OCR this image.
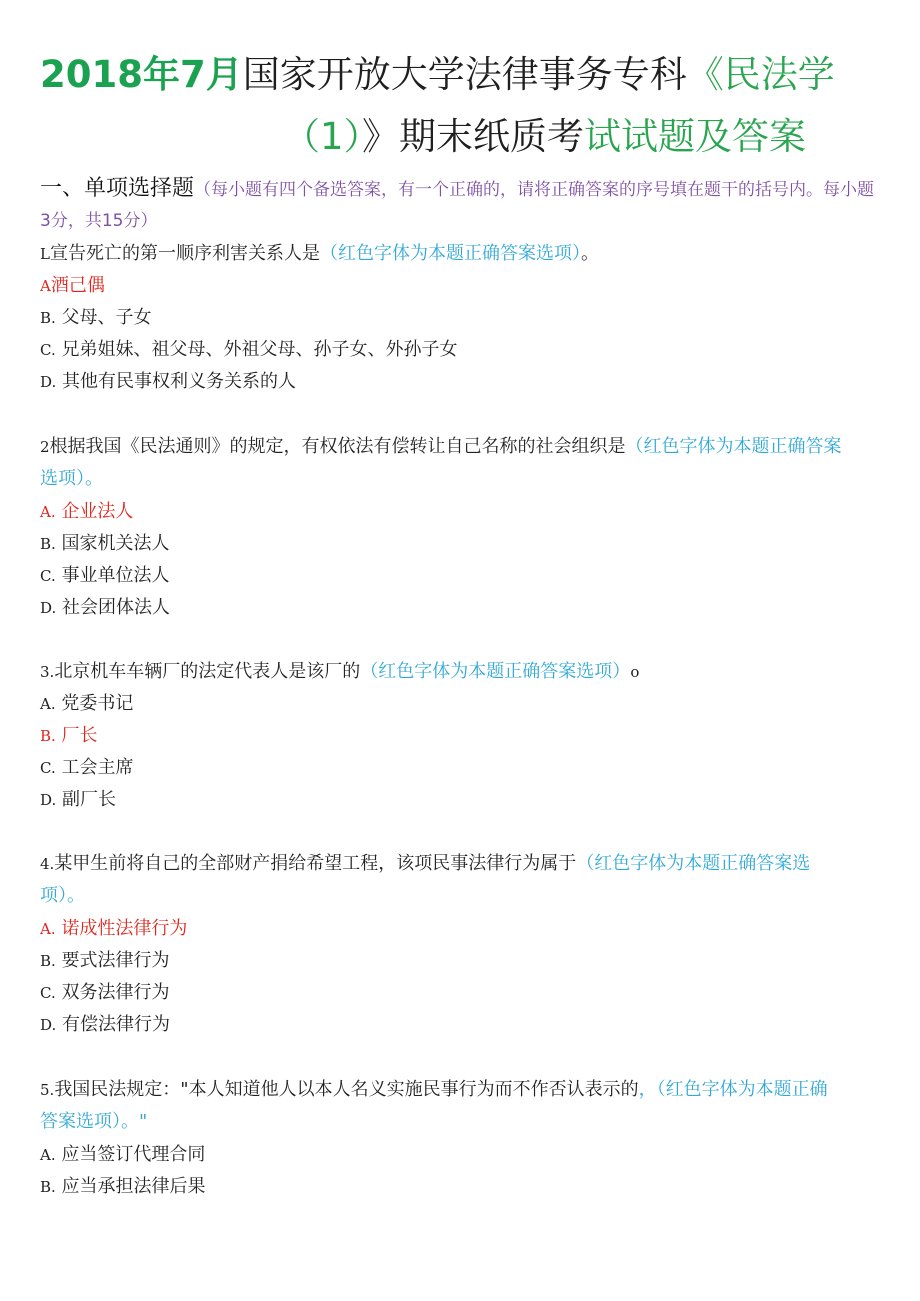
2018年7月国家开放大学法律事务专科《民法学
（1）》期末纸质考试试题及答案
一、单项选择题（每小题有四个备选答案，有一个正确的，请将正确答案的序号填在题干的括号内。每小题3分，共15分）
L宣告死亡的第一顺序利害关系人是（红色字体为本题正确答案选项）。
A酒己偶
B. 父母、子女
C. 兄弟姐妹、祖父母、外祖父母、孙子女、外孙子女
D. 其他有民事权利义务关系的人
2根据我国《民法通则》的规定，有权依法有偿转让自己名称的社会组织是（红色字体为本题正确答案
选项）。
A. 企业法人
B. 国家机关法人
C. 事业单位法人
D. 社会团体法人
3.北京机车车辆厂的法定代表人是该厂的（红色字体为本题正确答案选项）o
A. 党委书记
B. 厂长
C. 工会主席
D. 副厂长
4.某甲生前将自己的全部财产捐给希望工程，该项民事法律行为属于（红色字体为本题正确答案选
项）。
A. 诺成性法律行为
B. 要式法律行为
C. 双务法律行为
D. 有偿法律行为
5.我国民法规定："本人知道他人以本人名义实施民事行为而不作否认表示的，（红色字体为本题正确
答案选项）。"
A. 应当签订代理合同
B. 应当承担法律后果
